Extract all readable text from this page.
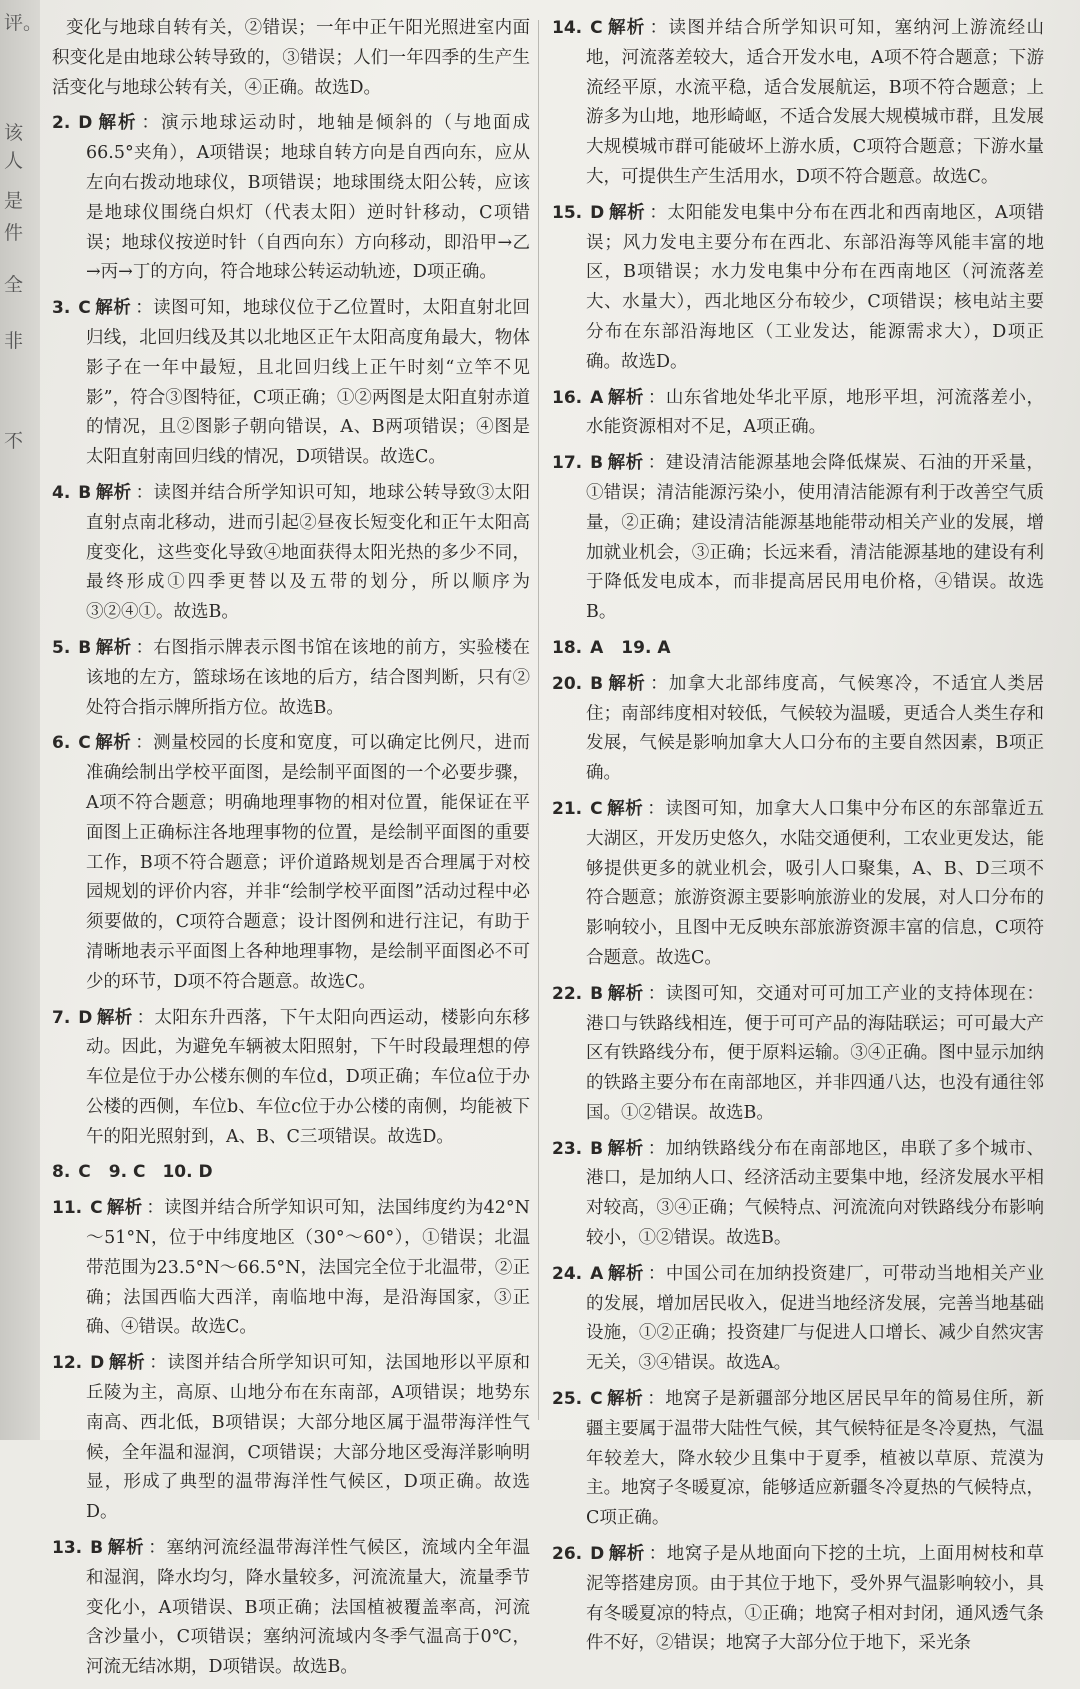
评。
该
人
是
件
全
非
不
变化与地球自转有关，②错误；一年中正午阳光照进室内面积变化是由地球公转导致的，③错误；人们一年四季的生产生活变化与地球公转有关，④正确。故选D。
2. D 解析 ：演示地球运动时，地轴是倾斜的（与地面成66.5°夹角），A项错误；地球自转方向是自西向东，应从左向右拨动地球仪，B项错误；地球围绕太阳公转，应该是地球仪围绕白炽灯（代表太阳）逆时针移动，C项错误；地球仪按逆时针（自西向东）方向移动，即沿甲→乙→丙→丁的方向，符合地球公转运动轨迹，D项正确。
3. C 解析 ：读图可知，地球仪位于乙位置时，太阳直射北回归线，北回归线及其以北地区正午太阳高度角最大，物体影子在一年中最短，且北回归线上正午时刻“立竿不见影”，符合③图特征，C项正确；①②两图是太阳直射赤道的情况，且②图影子朝向错误，A、B两项错误；④图是太阳直射南回归线的情况，D项错误。故选C。
4. B 解析 ：读图并结合所学知识可知，地球公转导致③太阳直射点南北移动，进而引起②昼夜长短变化和正午太阳高度变化，这些变化导致④地面获得太阳光热的多少不同，最终形成①四季更替以及五带的划分，所以顺序为③②④①。故选B。
5. B 解析 ：右图指示牌表示图书馆在该地的前方，实验楼在该地的左方，篮球场在该地的后方，结合图判断，只有②处符合指示牌所指方位。故选B。
6. C 解析 ：测量校园的长度和宽度，可以确定比例尺，进而准确绘制出学校平面图，是绘制平面图的一个必要步骤，A项不符合题意；明确地理事物的相对位置，能保证在平面图上正确标注各地理事物的位置，是绘制平面图的重要工作，B项不符合题意；评价道路规划是否合理属于对校园规划的评价内容，并非“绘制学校平面图”活动过程中必须要做的，C项符合题意；设计图例和进行注记，有助于清晰地表示平面图上各种地理事物，是绘制平面图必不可少的环节，D项不符合题意。故选C。
7. D 解析 ：太阳东升西落，下午太阳向西运动，楼影向东移动。因此，为避免车辆被太阳照射，下午时段最理想的停车位是位于办公楼东侧的车位d，D项正确；车位a位于办公楼的西侧，车位b、车位c位于办公楼的南侧，均能被下午的阳光照射到，A、B、C三项错误。故选D。
8. C 9. C　10. D
11. C 解析 ：读图并结合所学知识可知，法国纬度约为42°N～51°N，位于中纬度地区（30°～60°），①错误；北温带范围为23.5°N～66.5°N，法国完全位于北温带，②正确；法国西临大西洋，南临地中海，是沿海国家，③正确、④错误。故选C。
12. D 解析 ：读图并结合所学知识可知，法国地形以平原和丘陵为主，高原、山地分布在东南部，A项错误；地势东南高、西北低，B项错误；大部分地区属于温带海洋性气候，全年温和湿润，C项错误；大部分地区受海洋影响明显，形成了典型的温带海洋性气候区，D项正确。故选D。
13. B 解析 ：塞纳河流经温带海洋性气候区，流域内全年温和湿润，降水均匀，降水量较多，河流流量大，流量季节变化小，A项错误、B项正确；法国植被覆盖率高，河流含沙量小，C项错误；塞纳河流域内冬季气温高于0℃，河流无结冰期，D项错误。故选B。
14. C 解析 ：读图并结合所学知识可知，塞纳河上游流经山地，河流落差较大，适合开发水电，A项不符合题意；下游流经平原，水流平稳，适合发展航运，B项不符合题意；上游多为山地，地形崎岖，不适合发展大规模城市群，且发展大规模城市群可能破坏上游水质，C项符合题意；下游水量大，可提供生产生活用水，D项不符合题意。故选C。
15. D 解析 ：太阳能发电集中分布在西北和西南地区，A项错误；风力发电主要分布在西北、东部沿海等风能丰富的地区，B项错误；水力发电集中分布在西南地区（河流落差大、水量大），西北地区分布较少，C项错误；核电站主要分布在东部沿海地区（工业发达，能源需求大），D项正确。故选D。
16. A 解析 ：山东省地处华北平原，地形平坦，河流落差小，水能资源相对不足，A项正确。
17. B 解析 ：建设清洁能源基地会降低煤炭、石油的开采量，①错误；清洁能源污染小，使用清洁能源有利于改善空气质量，②正确；建设清洁能源基地能带动相关产业的发展，增加就业机会，③正确；长远来看，清洁能源基地的建设有利于降低发电成本，而非提高居民用电价格，④错误。故选B。
18. A 19. A
20. B 解析 ：加拿大北部纬度高，气候寒冷，不适宜人类居住；南部纬度相对较低，气候较为温暖，更适合人类生存和发展，气候是影响加拿大人口分布的主要自然因素，B项正确。
21. C 解析 ：读图可知，加拿大人口集中分布区的东部靠近五大湖区，开发历史悠久，水陆交通便利，工农业更发达，能够提供更多的就业机会，吸引人口聚集，A、B、D三项不符合题意；旅游资源主要影响旅游业的发展，对人口分布的影响较小，且图中无反映东部旅游资源丰富的信息，C项符合题意。故选C。
22. B 解析 ：读图可知，交通对可可加工产业的支持体现在：港口与铁路线相连，便于可可产品的海陆联运；可可最大产区有铁路线分布，便于原料运输。③④正确。图中显示加纳的铁路主要分布在南部地区，并非四通八达，也没有通往邻国。①②错误。故选B。
23. B 解析 ：加纳铁路线分布在南部地区，串联了多个城市、港口，是加纳人口、经济活动主要集中地，经济发展水平相对较高，③④正确；气候特点、河流流向对铁路线分布影响较小，①②错误。故选B。
24. A 解析 ：中国公司在加纳投资建厂，可带动当地相关产业的发展，增加居民收入，促进当地经济发展，完善当地基础设施，①②正确；投资建厂与促进人口增长、减少自然灾害无关，③④错误。故选A。
25. C 解析 ：地窝子是新疆部分地区居民早年的简易住所，新疆主要属于温带大陆性气候，其气候特征是冬冷夏热，气温年较差大，降水较少且集中于夏季，植被以草原、荒漠为主。地窝子冬暖夏凉，能够适应新疆冬冷夏热的气候特点，C项正确。
26. D 解析 ：地窝子是从地面向下挖的土坑，上面用树枝和草泥等搭建房顶。由于其位于地下，受外界气温影响较小，具有冬暖夏凉的特点，①正确；地窝子相对封闭，通风透气条件不好，②错误；地窝子大部分位于地下，采光条
